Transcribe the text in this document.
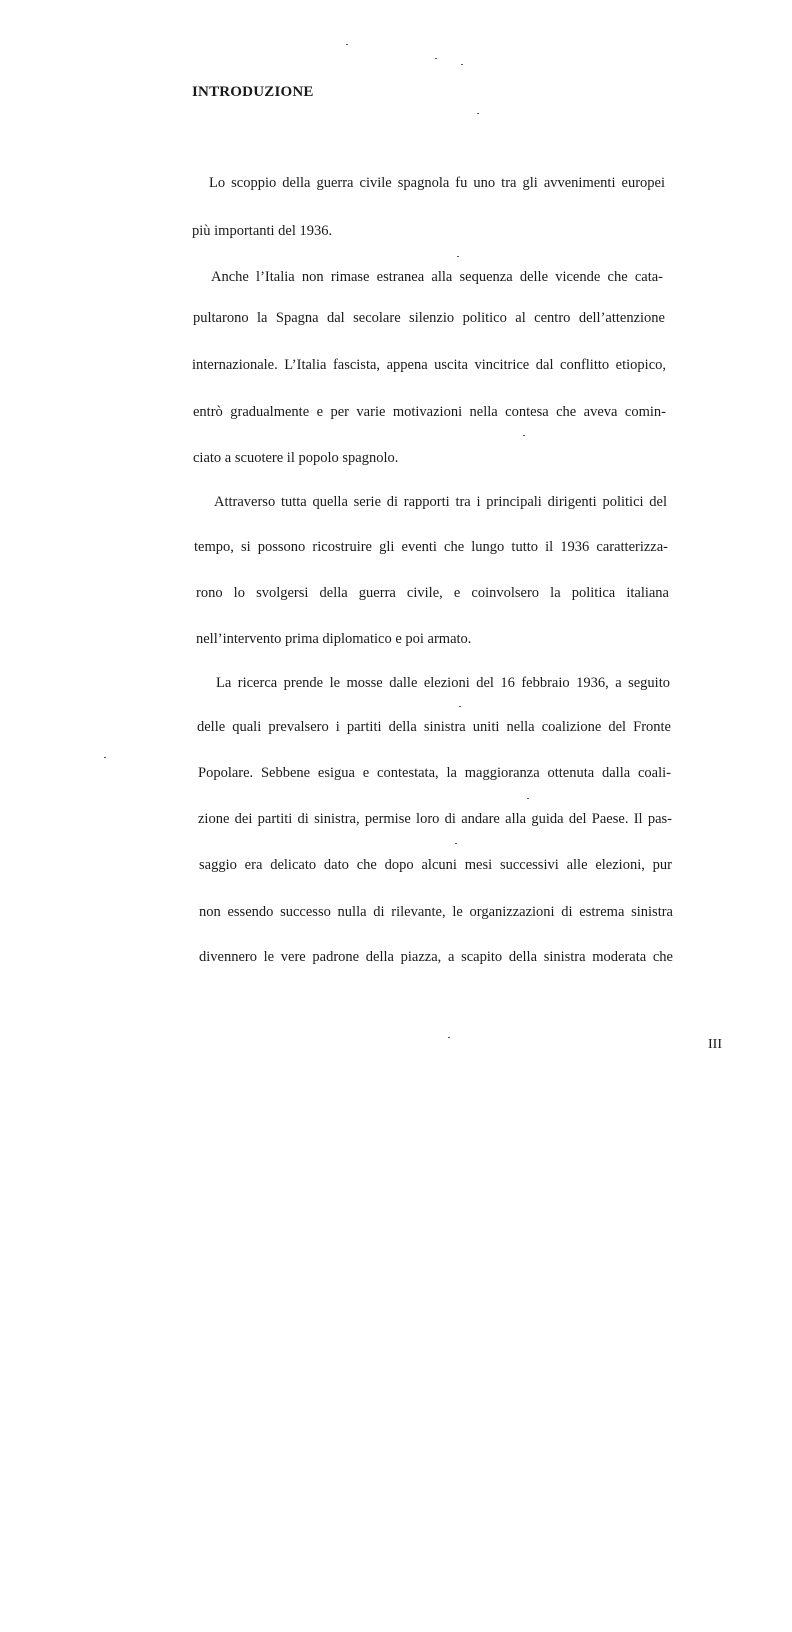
INTRODUZIONE
Lo scoppio della guerra civile spagnola fu uno tra gli avvenimenti europei
più importanti del 1936.
Anche l’Italia non rimase estranea alla sequenza delle vicende che cata-
pultarono la Spagna dal secolare silenzio politico al centro dell’attenzione
internazionale. L’Italia fascista, appena uscita vincitrice dal conflitto etiopico,
entrò gradualmente e per varie motivazioni nella contesa che aveva comin-
ciato a scuotere il popolo spagnolo.
Attraverso tutta quella serie di rapporti tra i principali dirigenti politici del
tempo, si possono ricostruire gli eventi che lungo tutto il 1936 caratterizza-
rono lo svolgersi della guerra civile, e coinvolsero la politica italiana
nell’intervento prima diplomatico e poi armato.
La ricerca prende le mosse dalle elezioni del 16 febbraio 1936, a seguito
delle quali prevalsero i partiti della sinistra uniti nella coalizione del Fronte
Popolare. Sebbene esigua e contestata, la maggioranza ottenuta dalla coali-
zione dei partiti di sinistra, permise loro di andare alla guida del Paese. Il pas-
saggio era delicato dato che dopo alcuni mesi successivi alle elezioni, pur
non essendo successo nulla di rilevante, le organizzazioni di estrema sinistra
divennero le vere padrone della piazza, a scapito della sinistra moderata che
III
